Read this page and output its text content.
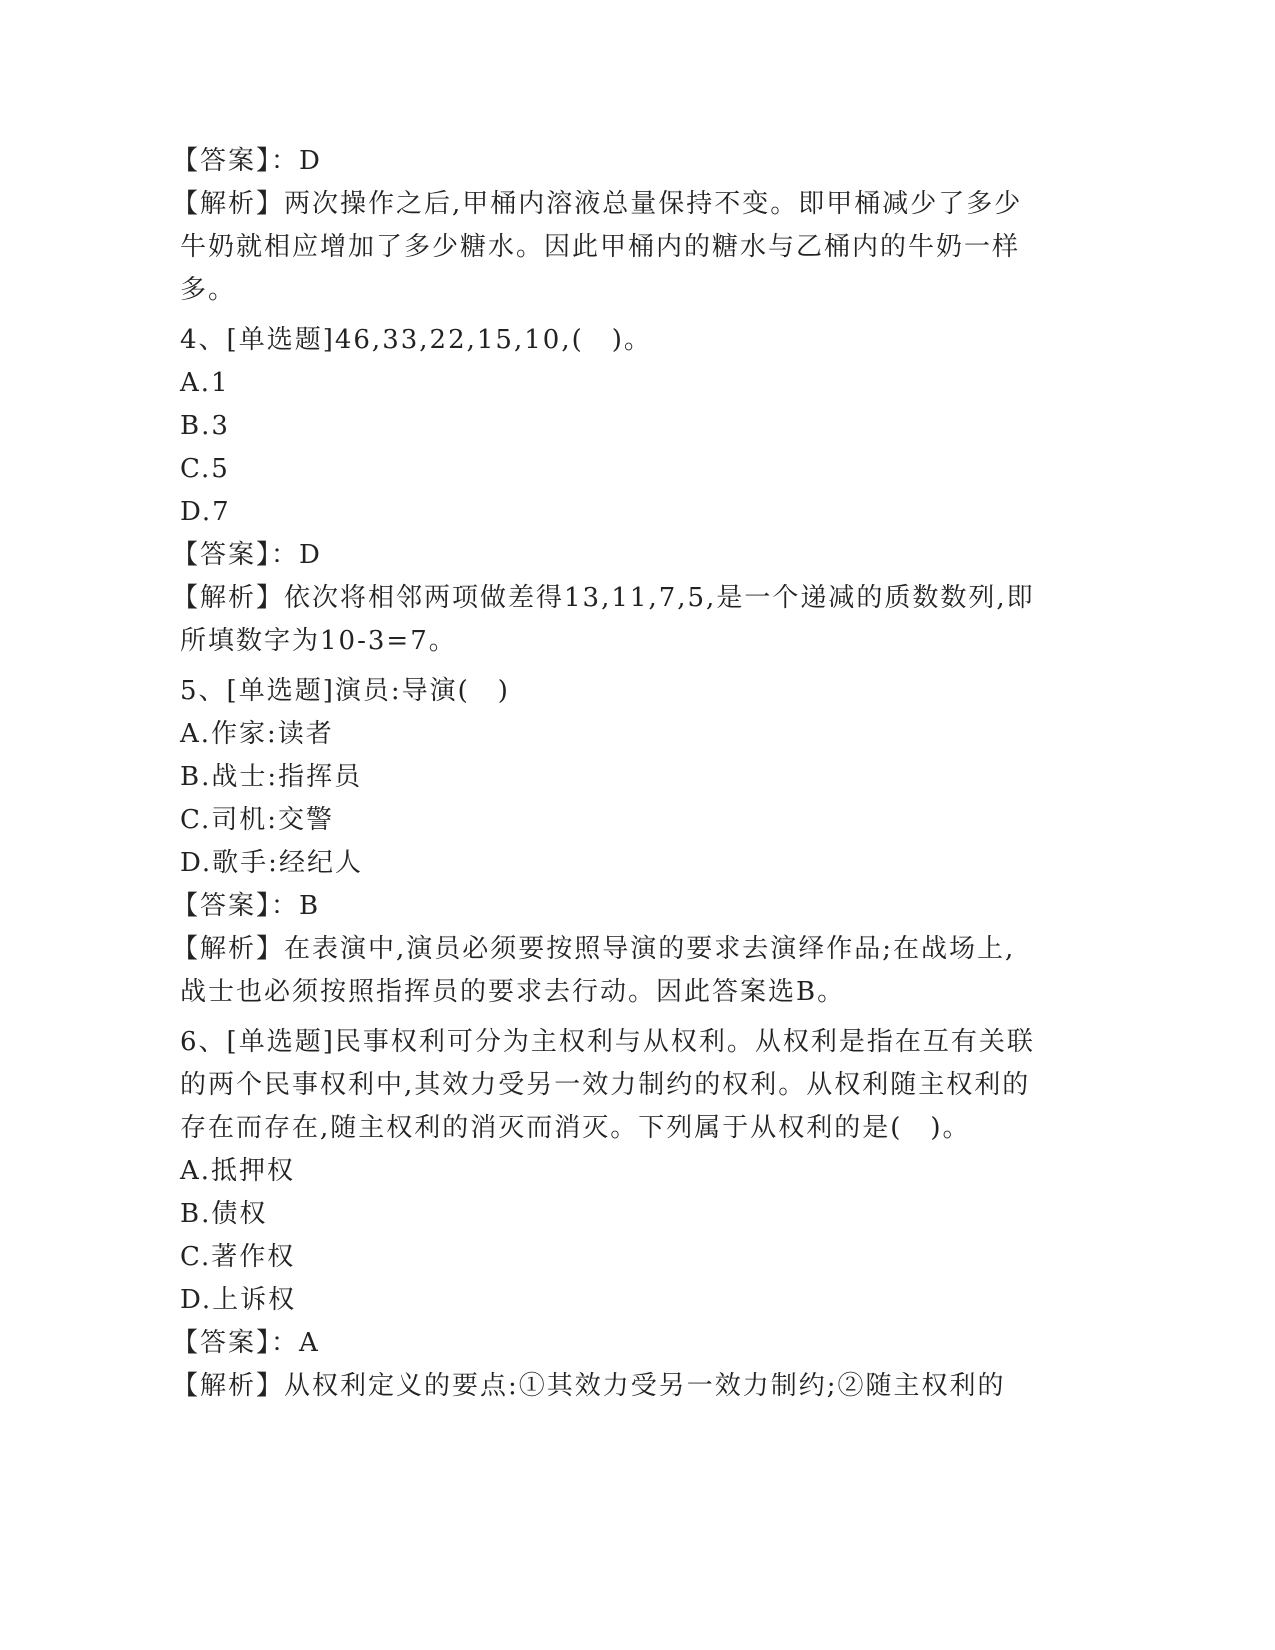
【答案】：D
【解析】两次操作之后,甲桶内溶液总量保持不变。即甲桶减少了多少
牛奶就相应增加了多少糖水。因此甲桶内的糖水与乙桶内的牛奶一样
多。
4、[单选题]46,33,22,15,10,(　)。
A.1
B.3
C.5
D.7
【答案】：D
【解析】依次将相邻两项做差得13,11,7,5,是一个递减的质数数列,即
所填数字为10-3=7。
5、[单选题]演员:导演(　)
A.作家:读者
B.战士:指挥员
C.司机:交警
D.歌手:经纪人
【答案】：B
【解析】在表演中,演员必须要按照导演的要求去演绎作品;在战场上,
战士也必须按照指挥员的要求去行动。因此答案选B。
6、[单选题]民事权利可分为主权利与从权利。从权利是指在互有关联
的两个民事权利中,其效力受另一效力制约的权利。从权利随主权利的
存在而存在,随主权利的消灭而消灭。下列属于从权利的是(　)。
A.抵押权
B.债权
C.著作权
D.上诉权
【答案】：A
【解析】从权利定义的要点:①其效力受另一效力制约;②随主权利的
